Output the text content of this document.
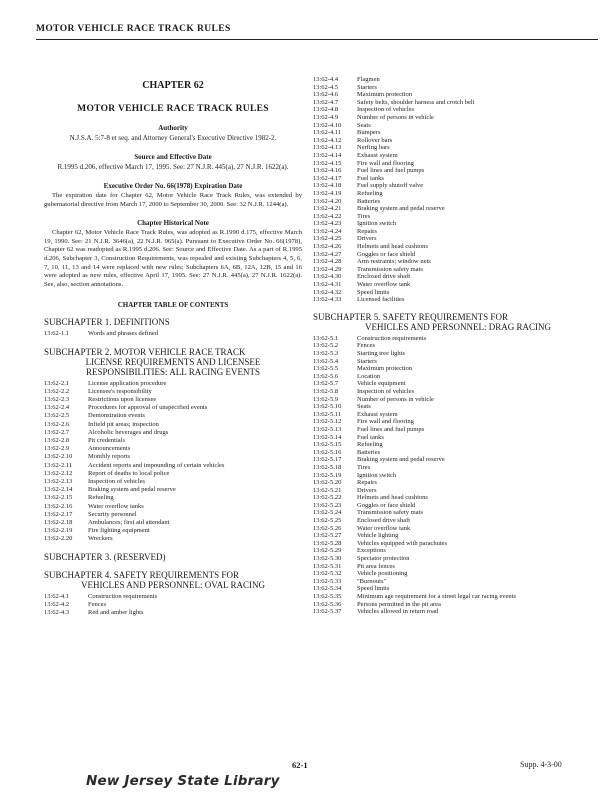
MOTOR VEHICLE RACE TRACK RULES
CHAPTER 62
MOTOR VEHICLE RACE TRACK RULES
Authority
N.J.S.A. 5:7-8 et seq. and Attorney General's Executive Directive 1982-2.
Source and Effective Date
R.1995 d.206, effective March 17, 1995. See: 27 N.J.R. 445(a), 27 N.J.R. 1622(a).
Executive Order No. 66(1978) Expiration Date
The expiration date for Chapter 62, Motor Vehicle Race Track Rules, was extended by gubernatorial directive from March 17, 2000 to September 30, 2000. See: 32 N.J.R. 1244(a).
Chapter Historical Note
Chapter 62, Motor Vehicle Race Track Rules, was adopted as R.1990 d.175, effective March 19, 1990. See: 21 N.J.R. 3646(a), 22 N.J.R. 965(a). Pursuant to Executive Order No. 66(1978), Chapter 62 was readopted as R.1995 d.206. See: Source and Effective Date. As a part of R.1995 d.206, Subchapter 3, Construction Requirements, was repealed and existing Subchapters 4, 5, 6, 7, 10, 11, 13 and 14 were replaced with new rules; Subchapters 6A, 6B, 12A, 12B, 15 and 16 were adopted as new rules, effective April 17, 1995. See: 27 N.J.R. 445(a), 27 N.J.R. 1622(a). See, also, section annotations.
CHAPTER TABLE OF CONTENTS
SUBCHAPTER 1. DEFINITIONS
13:62-1.1	Words and phrases defined
SUBCHAPTER 2. MOTOR VEHICLE RACE TRACK
LICENSE REQUIREMENTS AND LICENSEE
RESPONSIBILITIES: ALL RACING EVENTS
13:62-2.1	License application procedure
13:62-2.2	Licensee's responsibility
13:62-2.3	Restrictions upon licensee
13:62-2.4	Procedures for approval of unspecified events
13:62-2.5	Demonstration events
13:62-2.6	Infield pit areas; inspection
13:62-2.7	Alcoholic beverages and drugs
13:62-2.8	Pit credentials
13:62-2.9	Announcements
13:62-2.10	Monthly reports
13:62-2.11	Accident reports and impounding of certain vehicles
13:62-2.12	Report of deaths to local police
13:62-2.13	Inspection of vehicles
13:62-2.14	Braking system and pedal reserve
13:62-2.15	Refueling
13:62-2.16	Water overflow tanks
13:62-2.17	Security personnel
13:62-2.18	Ambulances; first aid attendant
13:62-2.19	Fire fighting equipment
13:62-2.20	Wreckers
SUBCHAPTER 3. (RESERVED)
SUBCHAPTER 4. SAFETY REQUIREMENTS FOR
VEHICLES AND PERSONNEL: OVAL RACING
13:62-4.1	Construction requirements
13:62-4.2	Fences
13:62-4.3	Red and amber lights
13:62-4.4	Flagmen
13:62-4.5	Starters
13:62-4.6	Maximum protection
13:62-4.7	Safety belts, shoulder harness and crotch belt
13:62-4.8	Inspection of vehicles
13:62-4.9	Number of persons in vehicle
13:62-4.10	Seats
13:62-4.11	Bumpers
13:62-4.12	Rollover bars
13:62-4.13	Nerfing bars
13:62-4.14	Exhaust system
13:62-4.15	Fire wall and flooring
13:62-4.16	Fuel lines and fuel pumps
13:62-4.17	Fuel tanks
13:62-4.18	Fuel supply shutoff valve
13:62-4.19	Refueling
13:62-4.20	Batteries
13:62-4.21	Braking system and pedal reserve
13:62-4.22	Tires
13:62-4.23	Ignition switch
13:62-4.24	Repairs
13:62-4.25	Drivers
13:62-4.26	Helmets and head cushions
13:62-4.27	Goggles or face shield
13:62-4.28	Arm restraints; window nets
13:62-4.29	Transmission safety mats
13:62-4.30	Enclosed drive shaft
13:62-4.31	Water overflow tank
13:62-4.32	Speed limits
13:62-4.33	Licensed facilities
SUBCHAPTER 5. SAFETY REQUIREMENTS FOR
VEHICLES AND PERSONNEL: DRAG RACING
13:62-5.1	Construction requirements
13:62-5.2	Fences
13:62-5.3	Starting tree lights
13:62-5.4	Starters
13:62-5.5	Maximum protection
13:62-5.6	Location
13:62-5.7	Vehicle equipment
13:62-5.8	Inspection of vehicles
13:62-5.9	Number of persons in vehicle
13:62-5.10	Seats
13:62-5.11	Exhaust system
13:62-5.12	Fire wall and flooring
13:62-5.13	Fuel lines and fuel pumps
13:62-5.14	Fuel tanks
13:62-5.15	Refueling
13:62-5.16	Batteries
13:62-5.17	Braking system and pedal reserve
13:62-5.18	Tires
13:62-5.19	Ignition switch
13:62-5.20	Repairs
13:62-5.21	Drivers
13:62-5.22	Helmets and head cushions
13:62-5.23	Goggles or face shield
13:62-5.24	Transmission safety mats
13:62-5.25	Enclosed drive shaft
13:62-5.26	Water overflow tank
13:62-5.27	Vehicle lighting
13:62-5.28	Vehicles equipped with parachutes
13:62-5.29	Exceptions
13:62-5.30	Spectator protection
13:62-5.31	Pit area fences
13:62-5.32	Vehicle positioning
13:62-5.33	"Burnouts"
13:62-5.34	Speed limits
13:62-5.35	Minimum age requirement for a street legal car racing events
13:62-5.36	Persons permitted in the pit area
13:62-5.37	Vehicles allowed in return road
62-1	Supp. 4-3-00
New Jersey State Library
